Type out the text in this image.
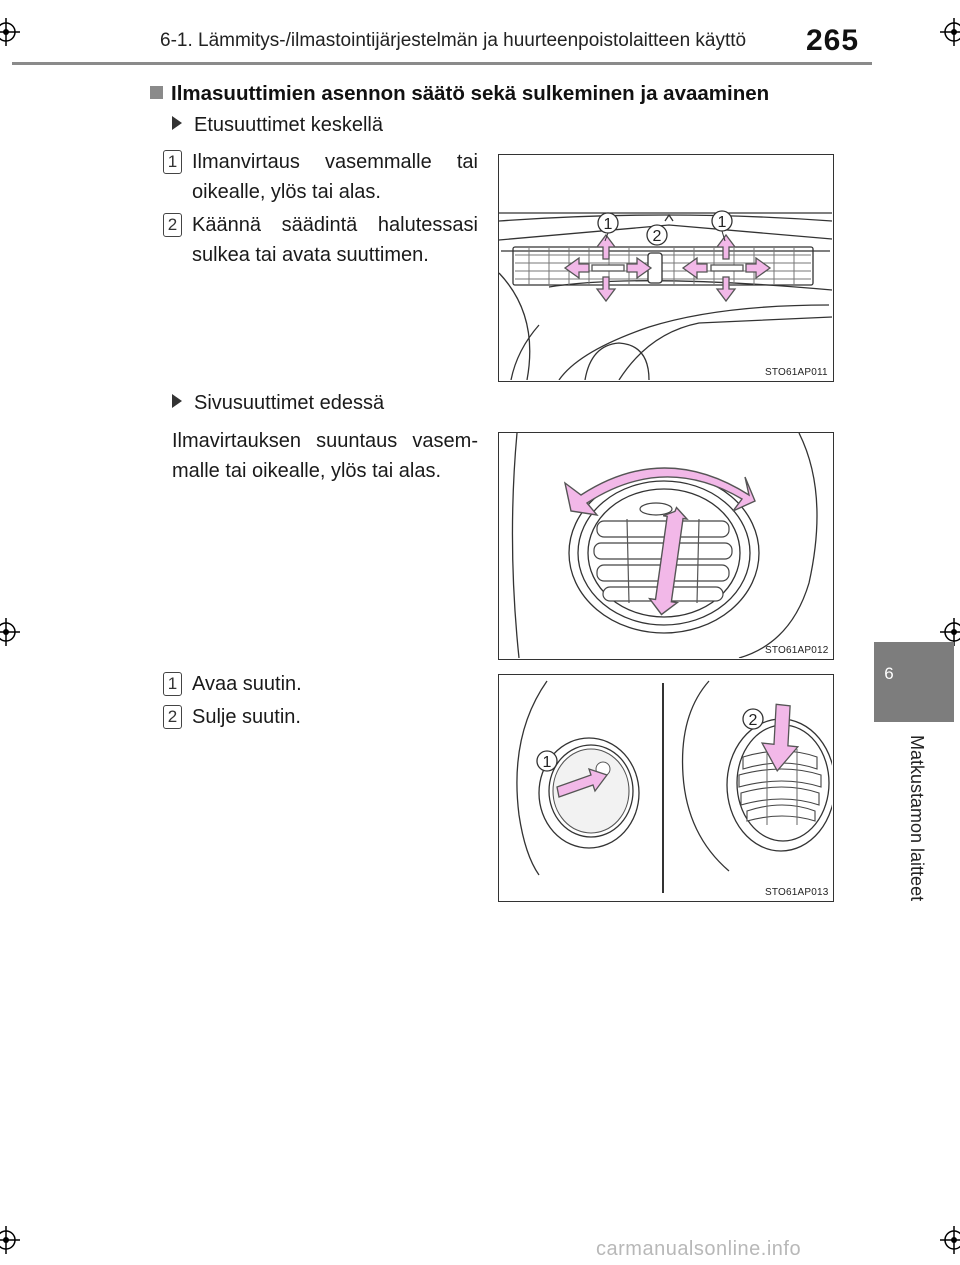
6-1. Lämmitys-/ilmastointijärjestelmän ja huurteenpoistolaitteen käyttö 265
Ilmasuuttimien asennon säätö sekä sulkeminen ja avaaminen
Etusuuttimet keskellä
1 Ilmanvirtaus vasemmalle tai oikealle, ylös tai alas.
2 Käännä säädintä halutessasi sulkea tai avata suuttimen.
1
2
1
STO61AP011
Sivusuuttimet edessä
Ilmavirtauksen suuntaus vasemmalle tai oikealle, ylös tai alas.
STO61AP012
1 Avaa suutin.
2 Sulje suutin.
1
2
STO61AP013
6
Matkustamon laitteet
carmanualsonline.info
